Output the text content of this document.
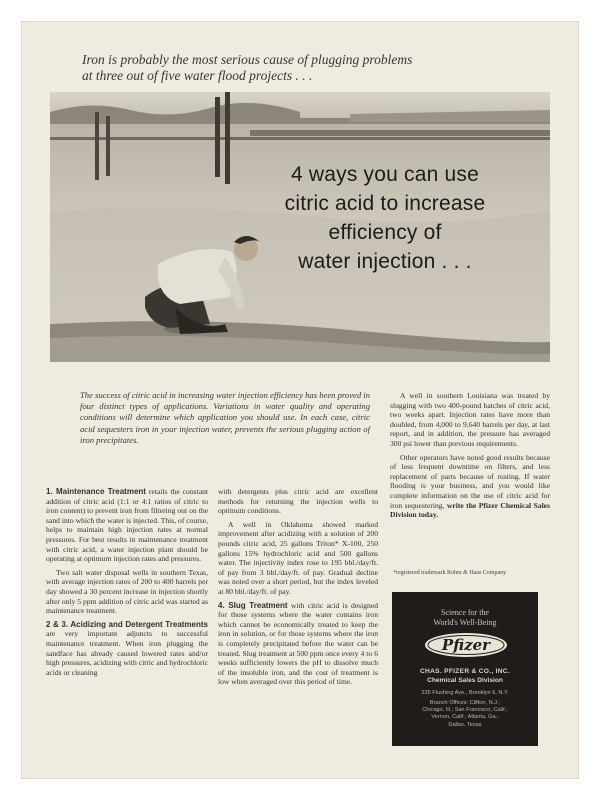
Iron is probably the most serious cause of plugging problems
at three out of five water flood projects . . .
4 ways you can use
citric acid to increase
efficiency of
water injection . . .
The success of citric acid in increasing water injection efficiency has been proved in four distinct types of applications. Variations in water quality and operating conditions will determine which application you should use. In each case, citric acid sequesters iron in your injection water, prevents the serious plugging action of iron precipitates.

1. Maintenance Treatment retails the constant addition of citric acid (1:1 or 4:1 ratios of citric to iron content) to prevent iron from filtering out on the sand into which the water is injected. This, of course, helps to maintain high injection rates at normal pressures. For best results in maintenance treatment with citric acid, a water injection plant should be operating at optimum injection rates and pressures.

Two salt water disposal wells in southern Texas, with average injection rates of 200 to 400 barrels per day showed a 30 percent increase in injection shortly after only 5 ppm addition of citric acid was started as maintenance treatment.

2 & 3. Acidizing and Detergent Treatments are very important adjuncts to successful maintenance treatment. When iron plugging the sandface has already caused lowered rates and/or high pressures, acidizing with citric and hydrochloric acids or cleaning

with detergents plus citric acid are excellent methods for returning the injection wells to optimum conditions.

A well in Oklahoma showed marked improvement after acidizing with a solution of 200 pounds citric acid, 25 gallons Triton* X-100, 250 gallons 15% hydrochloric acid and 500 gallons water. The injectivity index rose to 195 bbl./day/ft. of pay from 3 bbl./day/ft. of pay. Gradual decline was noted over a short period, but the index leveled at 80 bbl./day/ft. of pay.

4. Slug Treatment with citric acid is designed for those systems where the water contains iron which cannot be economically treated to keep the iron in solution, or for those systems where the iron is completely precipitated before the water can be treated. Slug treatment at 500 ppm once every 4 to 6 weeks sufficiently lowers the pH to dissolve much of the insoluble iron, and the cost of treatment is low when averaged over this period of time.

A well in southern Louisiana was treated by slugging with two 400-pound batches of citric acid, two weeks apart. Injection rates have more than doubled, from 4,000 to 9,640 barrels per day, at last report, and in addition, the pressure has averaged 300 psi lower than previous requirements.

Other operators have noted good results because of less frequent downtime on filters, and less replacement of parts because of rusting. If water flooding is your business, and you would like complete information on the use of citric acid for iron sequestering, write the Pfizer Chemical Sales Division today.

*registered trademark Rohm & Haas Company
Science for the
World's Well-Being
Pfizer
CHAS. PFIZER & CO., INC.
Chemical Sales Division
235 Flushing Ave., Brooklyn 6, N.Y.
Branch Offices: Clifton, N.J.;
Chicago, Ill.; San Francisco, Calif.;
Vernon, Calif.; Atlanta, Ga.;
Dallas, Texas
